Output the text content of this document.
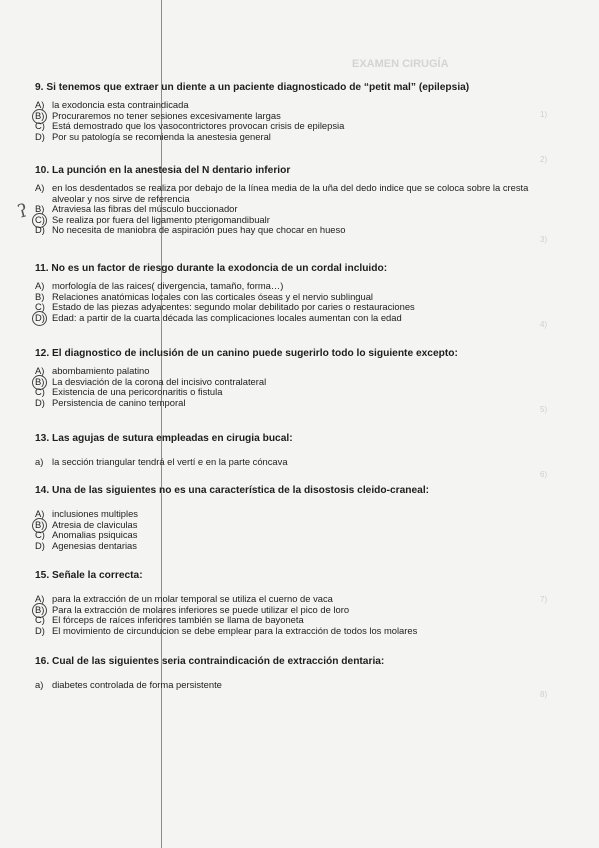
EXAMEN CIRUGÍA
ʔ
9. Si tenemos que extraer un diente a un paciente diagnosticado de “petit mal” (epilepsia)
A) la exodoncia esta contraindicada
B) Procuraremos no tener sesiones excesivamente largas
C) Está demostrado que los vasocontrictores provocan crisis de epilepsia
D) Por su patología se recomienda la anestesia general
10. La punción en la anestesia del N dentario inferior
A) en los desdentados se realiza por debajo de la línea media de la uña del dedo indice que se coloca sobre la cresta alveolar y nos sirve de referencia
B) Atraviesa las fibras del músculo buccionador
C) Se realiza por fuera del ligamento pterigomandibualr
D) No necesita de maniobra de aspiración pues hay que chocar en hueso
11. No es un factor de riesgo durante la exodoncia de un cordal incluido:
A) morfología de las raices( divergencia, tamaño, forma…)
B) Relaciones anatómicas locales con las corticales óseas y el nervio sublingual
C) Estado de las piezas adyacentes: segundo molar debilitado por caries o restauraciones
D) Edad: a partir de la cuarta década las complicaciones locales aumentan con la edad
12. El diagnostico de inclusión de un canino puede sugerirlo todo lo siguiente excepto:
A) abombamiento palatino
B) La desviación de la corona del incisivo contralateral
C) Existencia de una pericoronaritis o fistula
D) Persistencia de canino temporal
13. Las agujas de sutura empleadas en cirugia bucal:
a) la sección triangular tendrá el vertí e en la parte cóncava
14. Una de las siguientes no es una característica de la disostosis cleido-craneal:
A) inclusiones multiples
B) Atresia de claviculas
C) Anomalias psiquicas
D) Agenesias dentarias
15. Señale la correcta:
A) para la extracción de un molar temporal se utiliza el cuerno de vaca
B) Para la extracción de molares inferiores se puede utilizar el pico de loro
C) El fórceps de raíces inferiores también se llama de bayoneta
D) El movimiento de circunducion se debe emplear para la extracción de todos los molares
16. Cual de las siguientes seria contraindicación de extracción dentaria:
a) diabetes controlada de forma persistente
1)
2)
3)
4)
5)
6)
7)
8)
